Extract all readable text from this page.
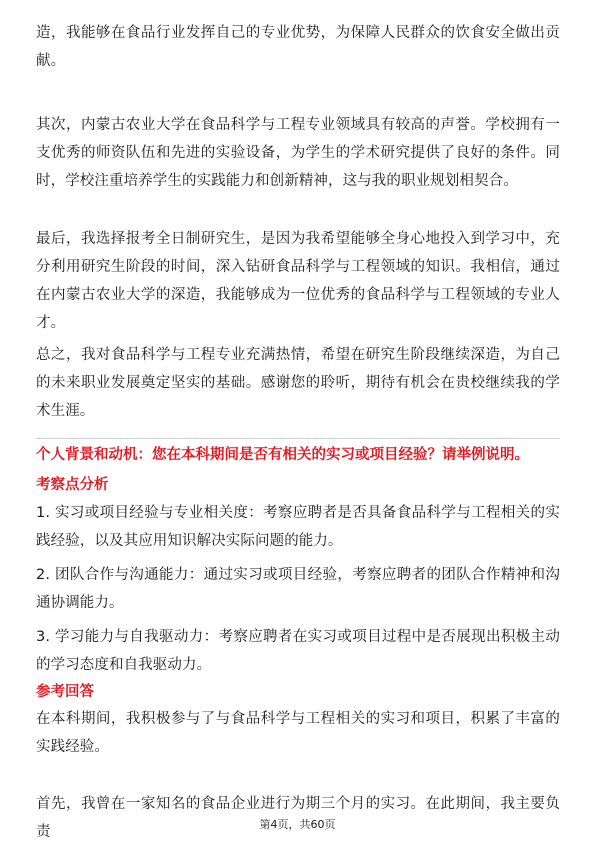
造，我能够在食品行业发挥自己的专业优势，为保障人民群众的饮食安全做出贡献。

其次，内蒙古农业大学在食品科学与工程专业领域具有较高的声誉。学校拥有一支优秀的师资队伍和先进的实验设备，为学生的学术研究提供了良好的条件。同时，学校注重培养学生的实践能力和创新精神，这与我的职业规划相契合。

最后，我选择报考全日制研究生，是因为我希望能够全身心地投入到学习中，充分利用研究生阶段的时间，深入钻研食品科学与工程领域的知识。我相信，通过在内蒙古农业大学的深造，我能够成为一位优秀的食品科学与工程领域的专业人才。

总之，我对食品科学与工程专业充满热情，希望在研究生阶段继续深造，为自己的未来职业发展奠定坚实的基础。感谢您的聆听，期待有机会在贵校继续我的学术生涯。

个人背景和动机：您在本科期间是否有相关的实习或项目经验？请举例说明。

考察点分析

1. 实习或项目经验与专业相关度：考察应聘者是否具备食品科学与工程相关的实践经验，以及其应用知识解决实际问题的能力。

2. 团队合作与沟通能力：通过实习或项目经验，考察应聘者的团队合作精神和沟通协调能力。

3. 学习能力与自我驱动力：考察应聘者在实习或项目过程中是否展现出积极主动的学习态度和自我驱动力。

参考回答

在本科期间，我积极参与了与食品科学与工程相关的实习和项目，积累了丰富的实践经验。

首先，我曾在一家知名的食品企业进行为期三个月的实习。在此期间，我主要负责	第4页，共60页
